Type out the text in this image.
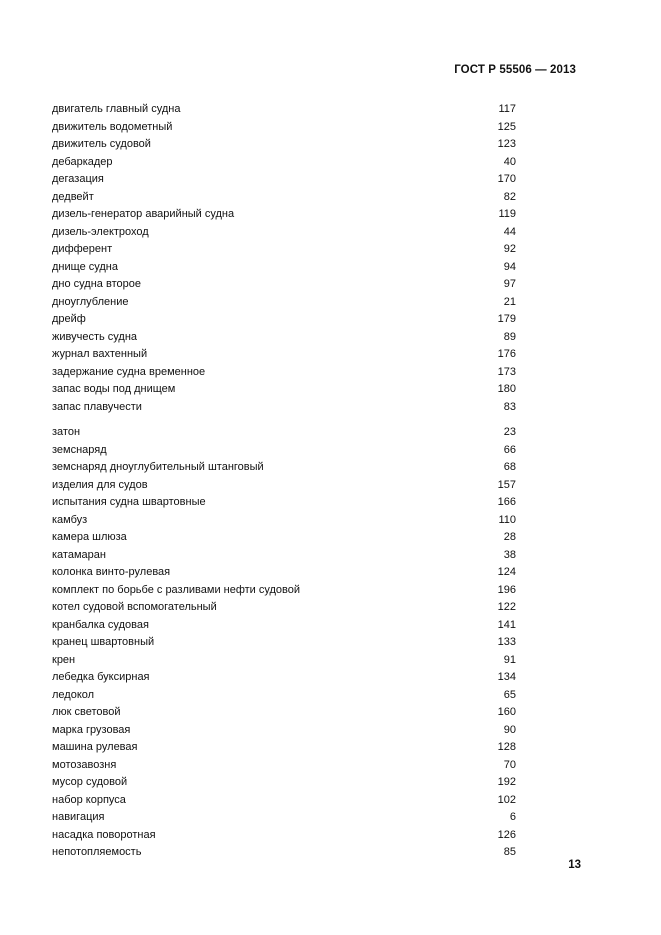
ГОСТ Р 55506 — 2013
двигатель главный судна	117
движитель водометный	125
движитель судовой	123
дебаркадер	40
дегазация	170
дедвейт	82
дизель-генератор аварийный судна	119
дизель-электроход	44
дифферент	92
днище судна	94
дно судна второе	97
дноуглубление	21
дрейф	179
живучесть судна	89
журнал вахтенный	176
задержание судна временное	173
запас воды под днищем	180
запас плавучести	83
затон	23
земснаряд	66
земснаряд дноуглубительный штанговый	68
изделия для судов	157
испытания судна швартовные	166
камбуз	110
камера шлюза	28
катамаран	38
колонка винто-рулевая	124
комплект по борьбе с разливами нефти судовой	196
котел судовой вспомогательный	122
кранбалка судовая	141
кранец швартовный	133
крен	91
лебедка буксирная	134
ледокол	65
люк световой	160
марка грузовая	90
машина рулевая	128
мотозавозня	70
мусор судовой	192
набор корпуса	102
навигация	6
насадка поворотная	126
непотопляемость	85
13
